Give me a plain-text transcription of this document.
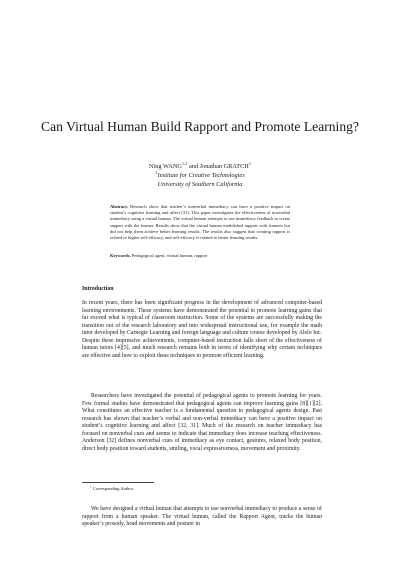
Can Virtual Human Build Rapport and Promote Learning?
Ning WANG$^{1,2}$ and Jonathan GRATCH$^1$
$^1$Institute for Creative Technologies
University of Southern California
Abstract. Research show that teacher’s nonverbal immediacy can have a positive impact on student’s cognitive learning and affect [31]. This paper investigates the effectiveness of nonverbal immediacy using a virtual human. The virtual human attempts to use immediacy feedback to create rapport with the learner. Results show that the virtual human established rapport with learners but did not help them achieve better learning results. The results also suggest that creating rapport is related to higher self-efficacy, and self-efficacy is related to better learning results.
Keywords. Pedagogical agent, virtual human, rapport
Introduction
In recent years, there has been significant progress in the development of advanced computer-based learning environments. These systems have demonstrated the potential to promote learning gains that far exceed what is typical of classroom instruction. Some of the systems are successfully making the transition out of the research laboratory and into widespread instructional use, for example the math tutor developed by Carnegie Learning and foreign language and culture course developed by Alelo Inc. Despite these impressive achievements, computer-based instruction falls short of the effectiveness of human tutors [4][5], and much research remains both in terms of identifying why certain techniques are effective and how to exploit these techniques to promote efficient learning.
Researchers have investigated the potential of pedagogical agents to promote learning for years. Few formal studies have demonstrated that pedagogical agents can improve learning gains [8][1][2]. What constitutes an effective teacher is a fundamental question to pedagogical agents design. Past research has shown that teacher’s verbal and non-verbal immediacy can have a positive impact on student’s cognitive learning and affect [32, 31]. Much of the research on teacher immediacy has focused on nonverbal cues and seems to indicate that immediacy does increase teaching effectiveness. Anderson [32] defines nonverbal cues of immediacy as eye contact, gestures, relaxed body position, direct body position toward students, smiling, vocal expressiveness, movement and proximity.
$^1$ Corresponding Author.
We have designed a virtual human that attempts to use nonverbal immediacy to produce a sense of rapport from a human speaker. The virtual human, called the Rapport Agent, tracks the human speaker’s prosody, head movements and posture in
